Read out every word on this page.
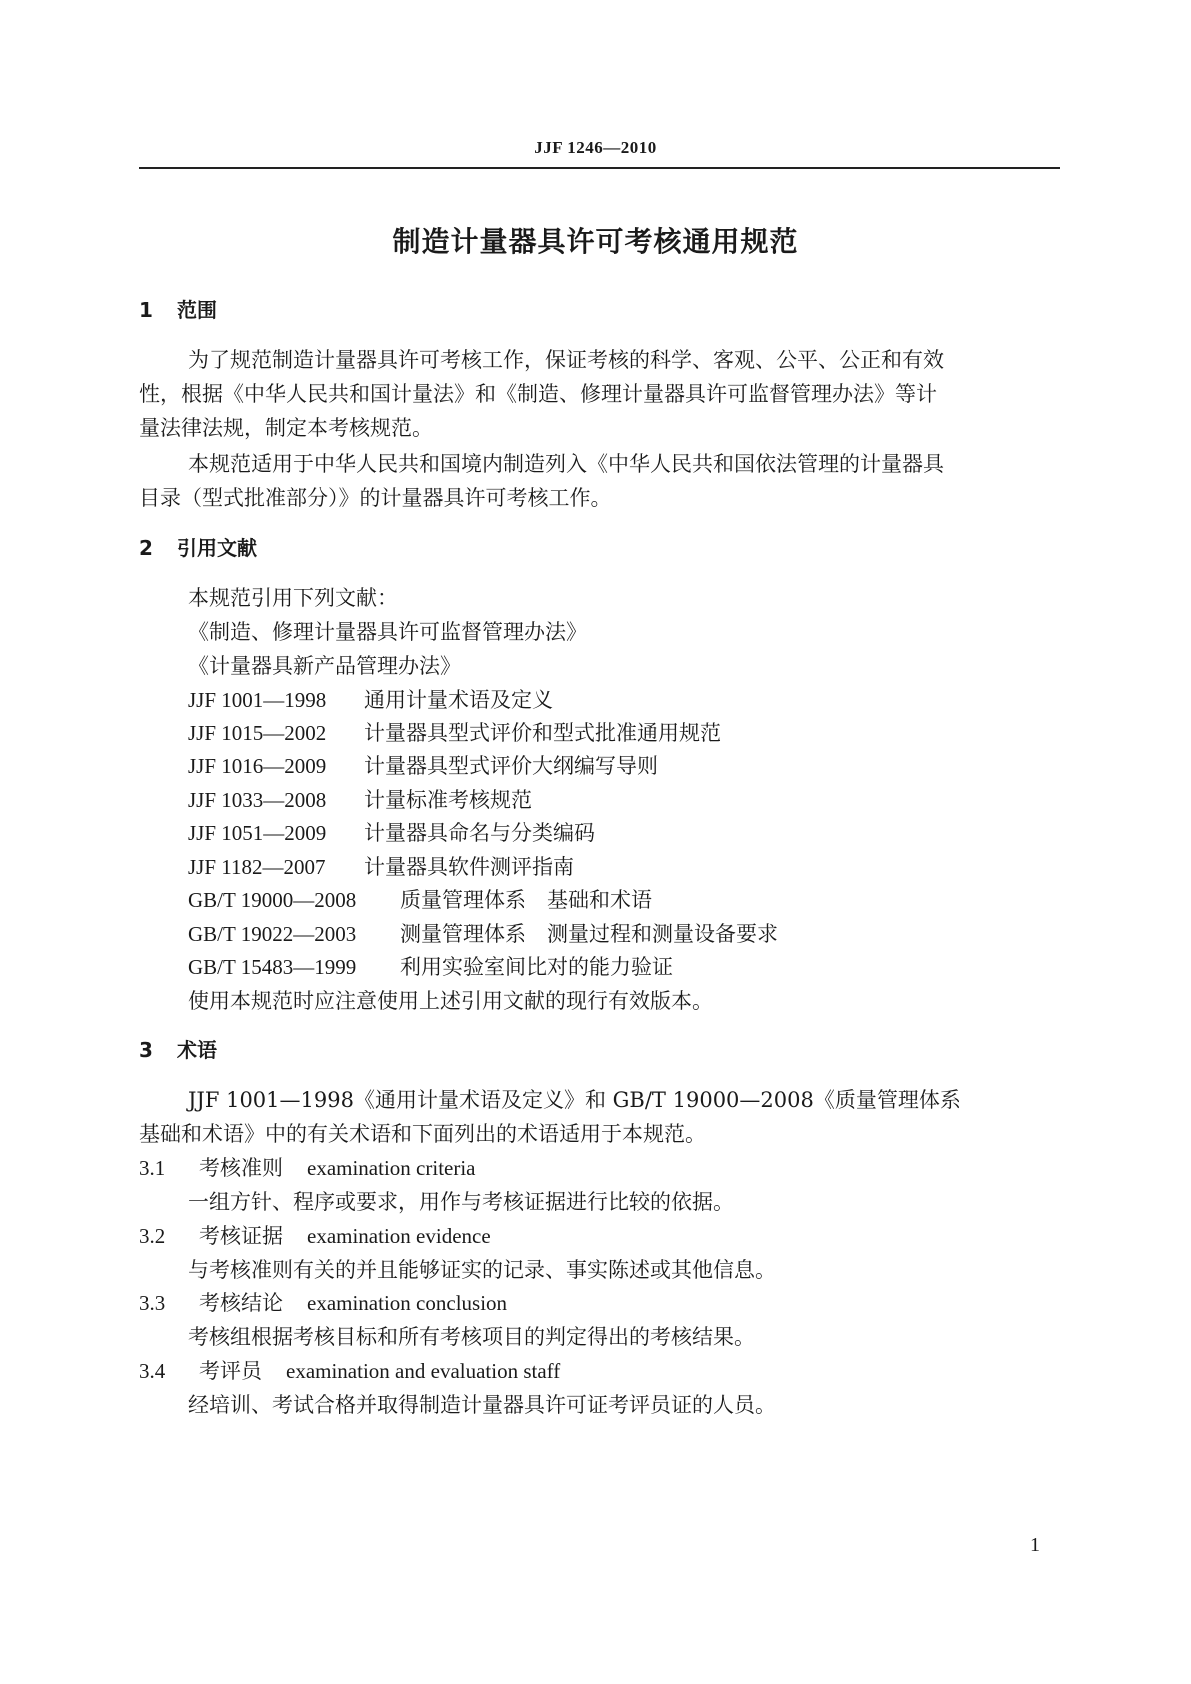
JJF 1246—2010
制造计量器具许可考核通用规范
1 范围
为了规范制造计量器具许可考核工作，保证考核的科学、客观、公平、公正和有效
性，根据《中华人民共和国计量法》和《制造、修理计量器具许可监督管理办法》等计
量法律法规，制定本考核规范。
本规范适用于中华人民共和国境内制造列入《中华人民共和国依法管理的计量器具
目录（型式批准部分）》的计量器具许可考核工作。
2 引用文献
本规范引用下列文献：
《制造、修理计量器具许可监督管理办法》
《计量器具新产品管理办法》
JJF 1001—1998 通用计量术语及定义
JJF 1015—2002 计量器具型式评价和型式批准通用规范
JJF 1016—2009 计量器具型式评价大纲编写导则
JJF 1033—2008 计量标准考核规范
JJF 1051—2009 计量器具命名与分类编码
JJF 1182—2007 计量器具软件测评指南
GB/T 19000—2008 质量管理体系　基础和术语
GB/T 19022—2003 测量管理体系　测量过程和测量设备要求
GB/T 15483—1999 利用实验室间比对的能力验证
使用本规范时应注意使用上述引用文献的现行有效版本。
3 术语
JJF 1001—1998《通用计量术语及定义》和 GB/T 19000—2008《质量管理体系
基础和术语》中的有关术语和下面列出的术语适用于本规范。
3.1 考核准则 examination criteria
一组方针、程序或要求，用作与考核证据进行比较的依据。
3.2 考核证据 examination evidence
与考核准则有关的并且能够证实的记录、事实陈述或其他信息。
3.3 考核结论 examination conclusion
考核组根据考核目标和所有考核项目的判定得出的考核结果。
3.4 考评员 examination and evaluation staff
经培训、考试合格并取得制造计量器具许可证考评员证的人员。
1
